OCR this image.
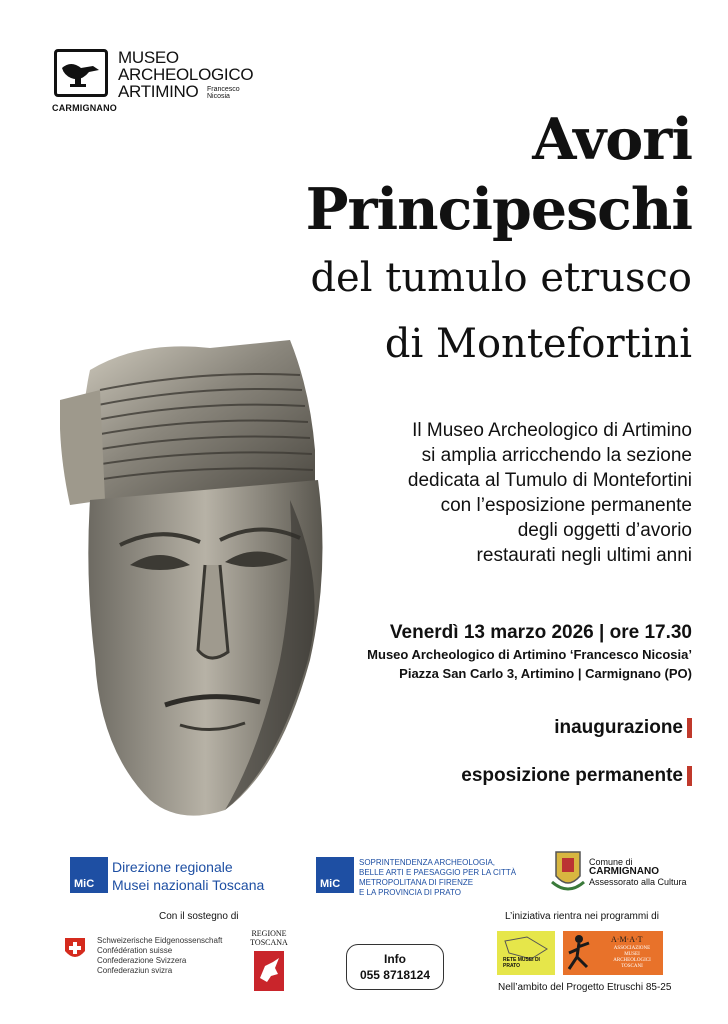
CARMIGNANO
MUSEO
ARCHEOLOGICO
ARTIMINO Francesco
Nicosia
Avori
Principeschi
del tumulo etrusco
di Montefortini
Il Museo Archeologico di Artimino
si amplia arricchendo la sezione
dedicata al Tumulo di Montefortini
con l’esposizione permanente
degli oggetti d’avorio
restaurati negli ultimi anni
Venerdì 13 marzo 2026 | ore 17.30
Museo Archeologico di Artimino ‘Francesco Nicosia’
Piazza San Carlo 3, Artimino | Carmignano (PO)
inaugurazione
esposizione permanente
MiC
Direzione regionale
Musei nazionali Toscana	MiC
SOPRINTENDENZA ARCHEOLOGIA,
BELLE ARTI E PAESAGGIO PER LA CITTÀ
METROPOLITANA DI FIRENZE
E LA PROVINCIA DI PRATO
Comune di
CARMIGNANO
Assessorato alla Cultura
Con il sostegno di	L’iniziativa rientra nei programmi di
Schweizerische Eidgenossenschaft
Confédération suisse
Confederazione Svizzera
Confederaziun svizra
REGIONE
TOSCANA
Info
055 8718124
RETE MUSEI DI PRATO
A·M·A·T
ASSOCIAZIONE
MUSEI
ARCHEOLOGICI
TOSCANI
Nell’ambito del Progetto Etruschi 85-25
